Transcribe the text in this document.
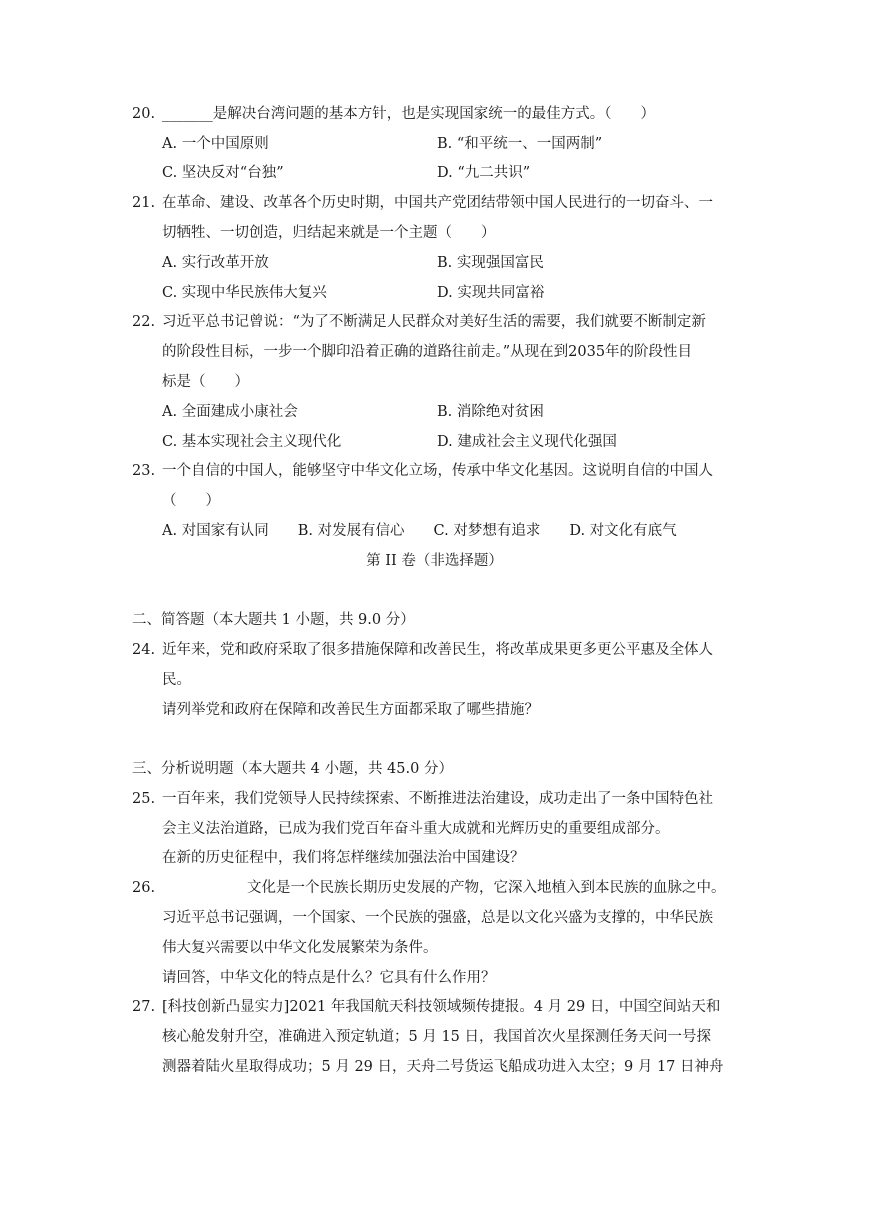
20. _______是解决台湾问题的基本方针，也是实现国家统一的最佳方式。（　　）
A. 一个中国原则	B. “和平统一、一国两制”
C. 坚决反对“台独”	D. “九二共识”
21. 在革命、建设、改革各个历史时期，中国共产党团结带领中国人民进行的一切奋斗、一
切牺牲、一切创造，归结起来就是一个主题（　　）
A. 实行改革开放	B. 实现强国富民
C. 实现中华民族伟大复兴	D. 实现共同富裕
22. 习近平总书记曾说：“为了不断满足人民群众对美好生活的需要，我们就要不断制定新
的阶段性目标，一步一个脚印沿着正确的道路往前走。”从现在到2035年的阶段性目
标是（　　）
A. 全面建成小康社会	B. 消除绝对贫困
C. 基本实现社会主义现代化	D. 建成社会主义现代化强国
23. 一个自信的中国人，能够坚守中华文化立场，传承中华文化基因。这说明自信的中国人
（　　）
A. 对国家有认同　　B. 对发展有信心　　C. 对梦想有追求　　D. 对文化有底气
第 II 卷（非选择题）
二、简答题（本大题共 1 小题，共 9.0 分）
24. 近年来，党和政府采取了很多措施保障和改善民生，将改革成果更多更公平惠及全体人
民。
请列举党和政府在保障和改善民生方面都采取了哪些措施？
三、分析说明题（本大题共 4 小题，共 45.0 分）
25. 一百年来，我们党领导人民持续探索、不断推进法治建设，成功走出了一条中国特色社
会主义法治道路，已成为我们党百年奋斗重大成就和光辉历史的重要组成部分。
在新的历史征程中，我们将怎样继续加强法治中国建设？
26.	文化是一个民族长期历史发展的产物，它深入地植入到本民族的血脉之中。
习近平总书记强调，一个国家、一个民族的强盛，总是以文化兴盛为支撑的，中华民族
伟大复兴需要以中华文化发展繁荣为条件。
请回答，中华文化的特点是什么？它具有什么作用？
27. [科技创新凸显实力]2021 年我国航天科技领域频传捷报。4 月 29 日，中国空间站天和
核心舱发射升空，准确进入预定轨道；5 月 15 日，我国首次火星探测任务天问一号探
测器着陆火星取得成功；5 月 29 日，天舟二号货运飞船成功进入太空；9 月 17 日神舟
